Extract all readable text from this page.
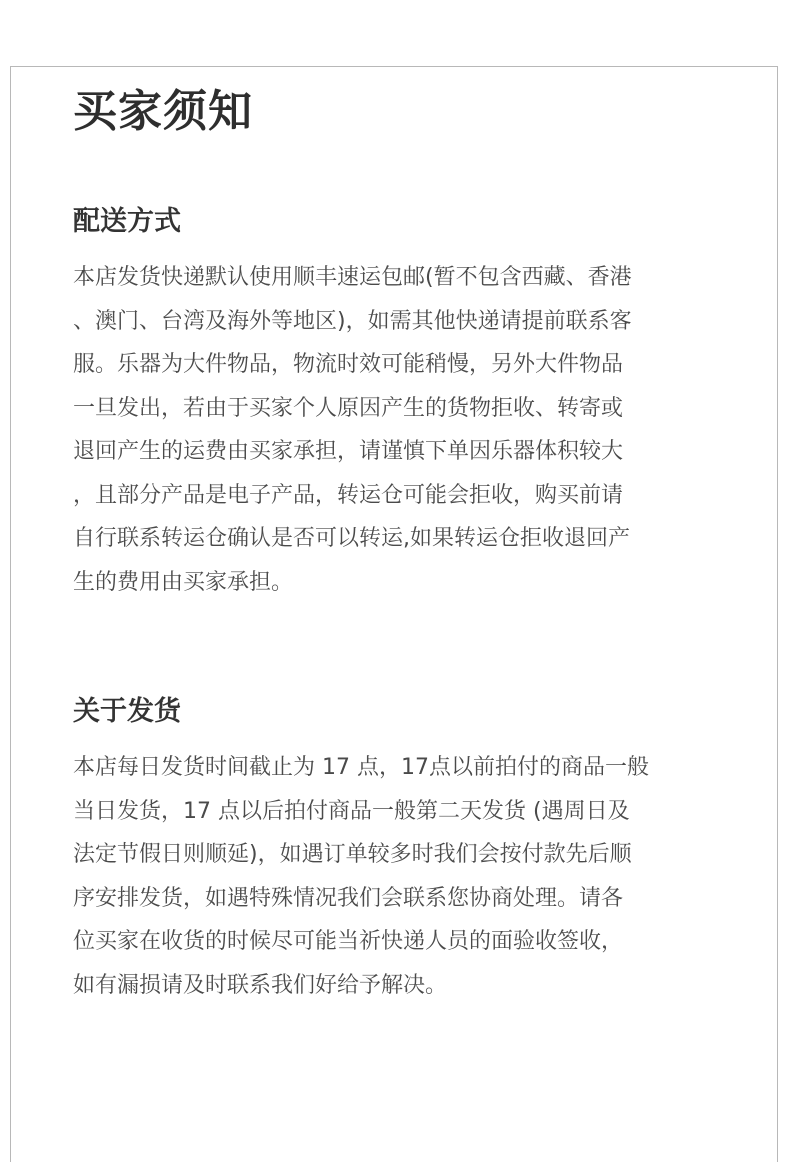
买家须知
配送方式
本店发货快递默认使用顺丰速运包邮(暂不包含西藏、香港
、澳门、台湾及海外等地区)，如需其他快递请提前联系客
服。乐器为大件物品，物流时效可能稍慢，另外大件物品
一旦发出，若由于买家个人原因产生的货物拒收、转寄或
退回产生的运费由买家承担，请谨慎下单因乐器体积较大
，且部分产品是电子产品，转运仓可能会拒收，购买前请
自行联系转运仓确认是否可以转运,如果转运仓拒收退回产
生的费用由买家承担。
关于发货
本店每日发货时间截止为 17 点，17点以前拍付的商品一般
当日发货，17 点以后拍付商品一般第二天发货 (遇周日及
法定节假日则顺延)，如遇订单较多时我们会按付款先后顺
序安排发货，如遇特殊情况我们会联系您协商处理。请各
位买家在收货的时候尽可能当祈快递人员的面验收签收，
如有漏损请及时联系我们好给予解决。
